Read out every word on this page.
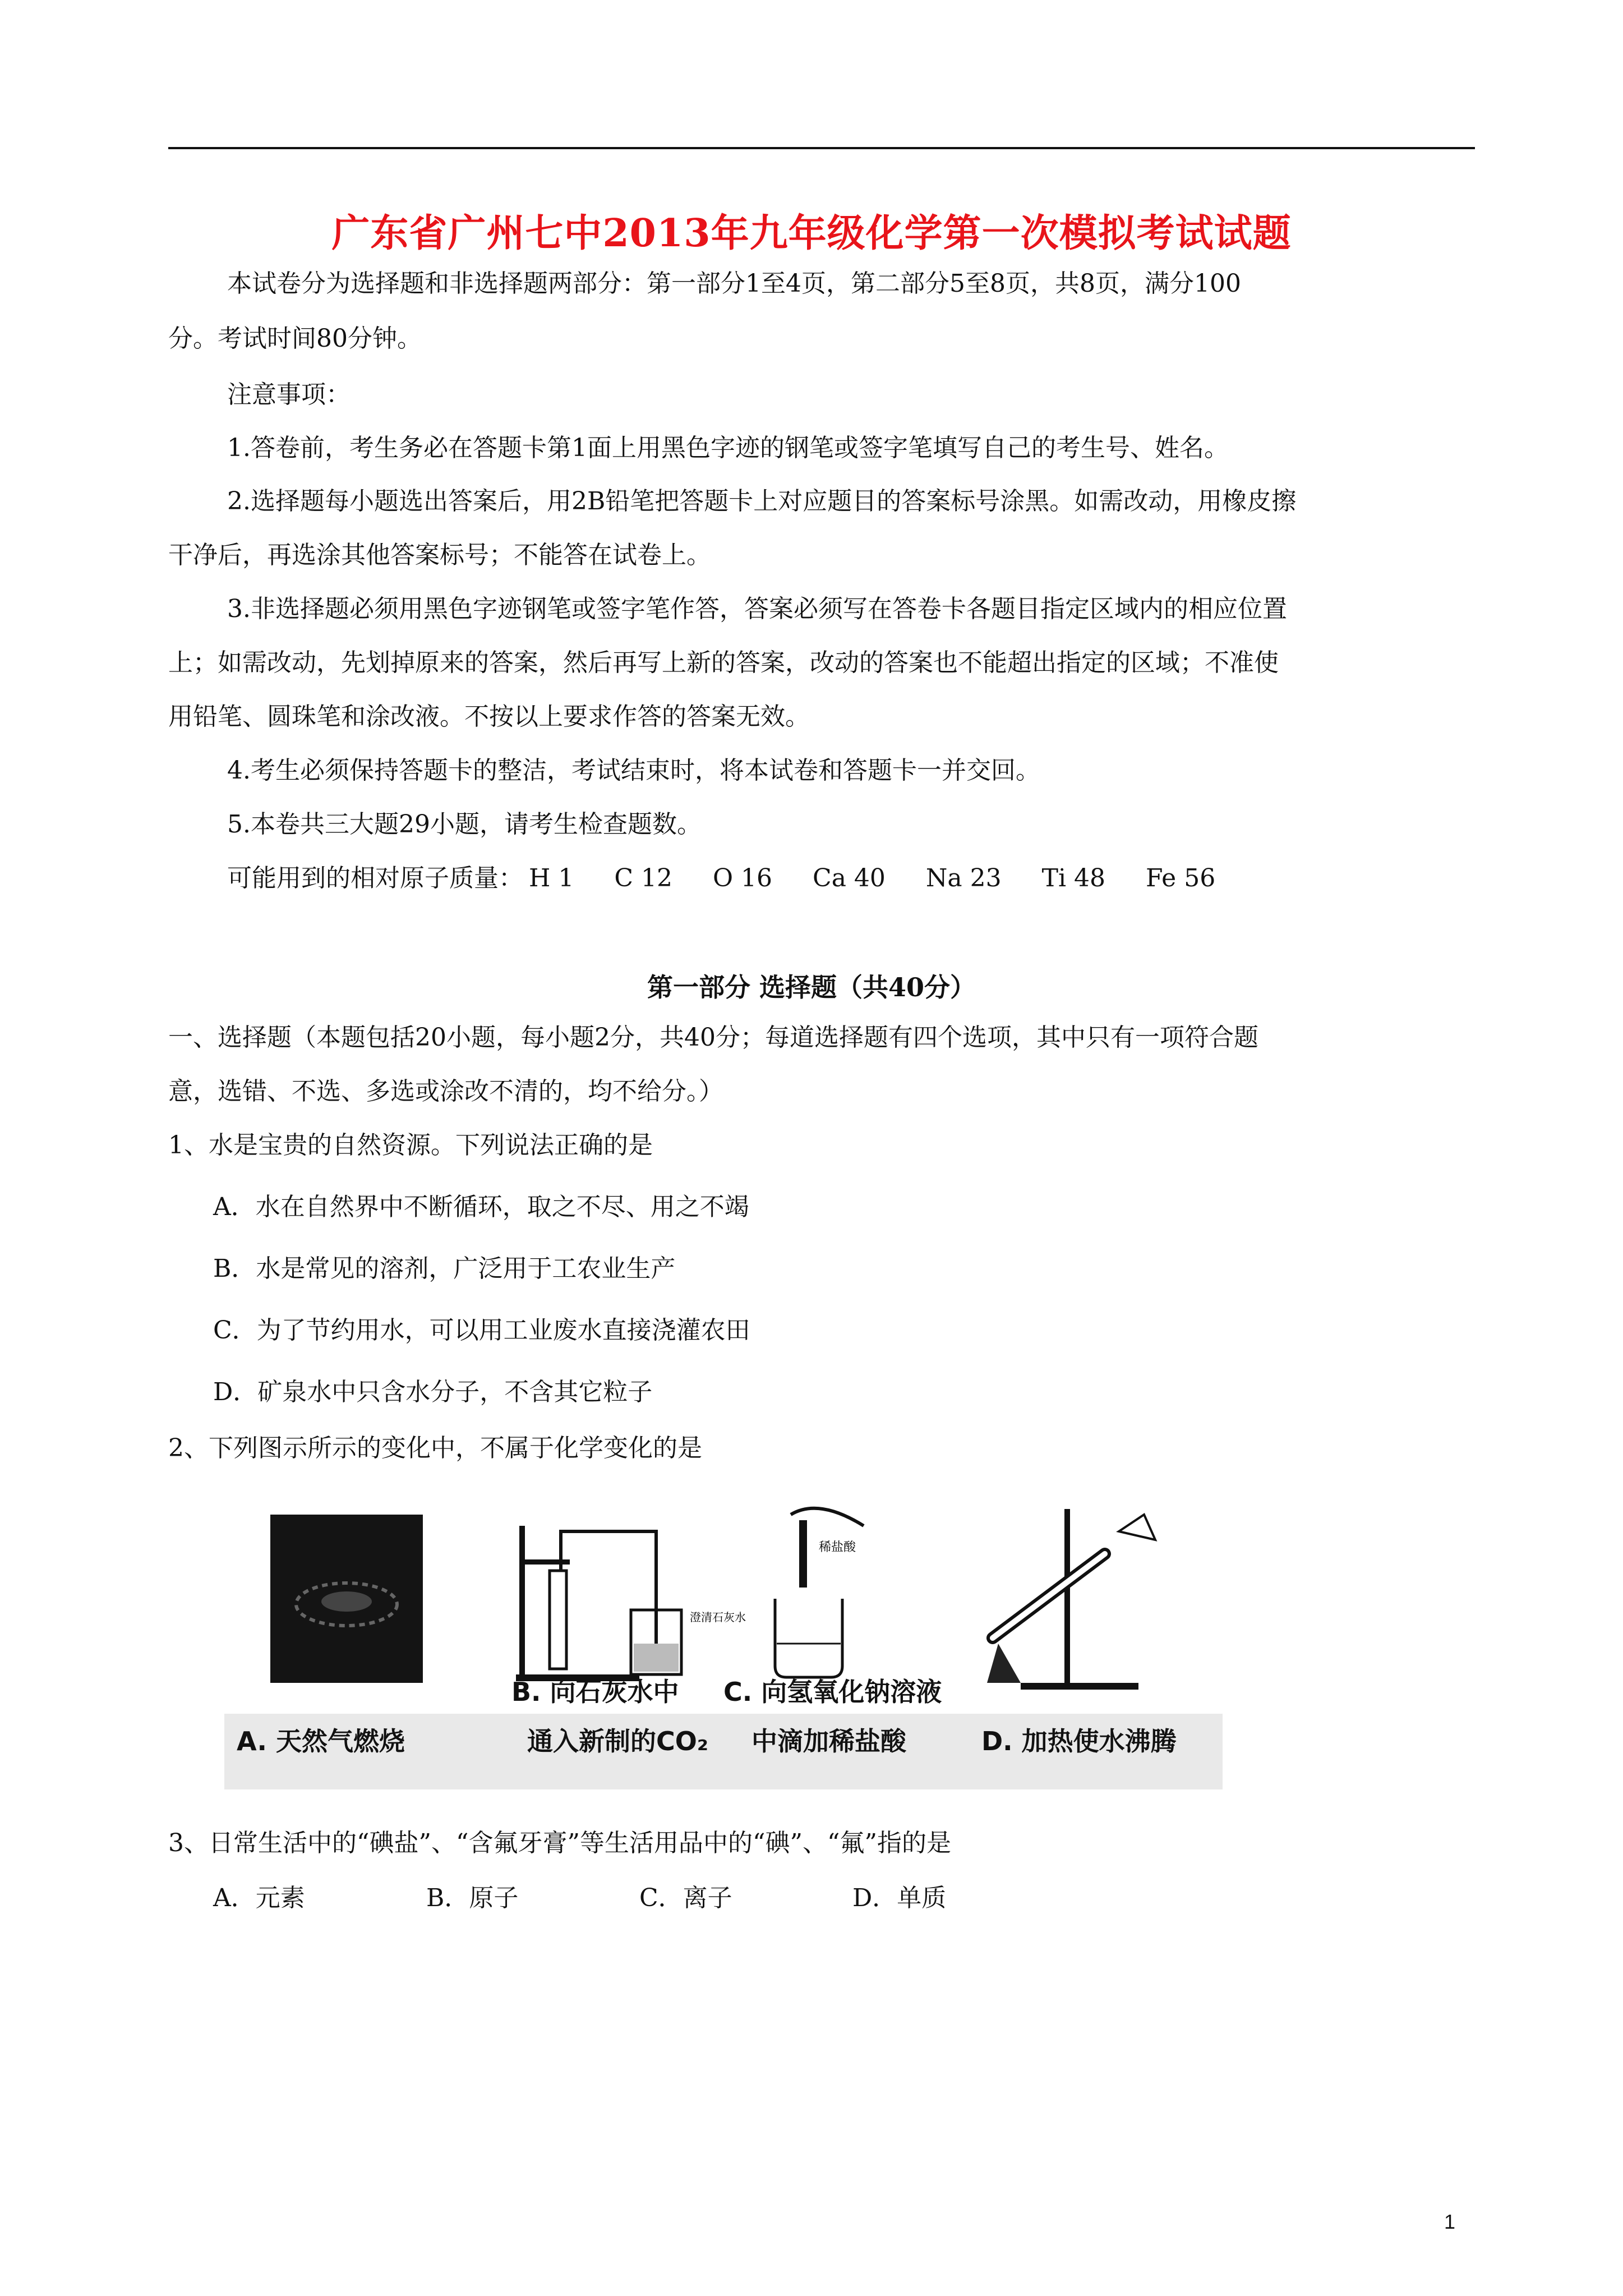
广东省广州七中2013年九年级化学第一次模拟考试试题
本试卷分为选择题和非选择题两部分：第一部分1至4页，第二部分5至8页，共8页，满分100
分。考试时间80分钟。
注意事项：
1.答卷前，考生务必在答题卡第1面上用黑色字迹的钢笔或签字笔填写自己的考生号、姓名。
2.选择题每小题选出答案后，用2B铅笔把答题卡上对应题目的答案标号涂黑。如需改动，用橡皮擦
干净后，再选涂其他答案标号；不能答在试卷上。
3.非选择题必须用黑色字迹钢笔或签字笔作答，答案必须写在答卷卡各题目指定区域内的相应位置
上；如需改动，先划掉原来的答案，然后再写上新的答案，改动的答案也不能超出指定的区域；不准使
用铅笔、圆珠笔和涂改液。不按以上要求作答的答案无效。
4.考生必须保持答题卡的整洁，考试结束时，将本试卷和答题卡一并交回。
5.本卷共三大题29小题，请考生检查题数。
可能用到的相对原子质量： H 1 C 12 O 16 Ca 40 Na 23 Ti 48 Fe 56
第一部分 选择题（共40分）
一、选择题（本题包括20小题，每小题2分，共40分；每道选择题有四个选项，其中只有一项符合题
意，选错、不选、多选或涂改不清的，均不给分。）
1、水是宝贵的自然资源。下列说法正确的是
A．水在自然界中不断循环，取之不尽、用之不竭
B．水是常见的溶剂，广泛用于工农业生产
C．为了节约用水，可以用工业废水直接浇灌农田
D．矿泉水中只含水分子，不含其它粒子
2、下列图示所示的变化中，不属于化学变化的是
澄清石灰水
稀盐酸
B. 向石灰水中 C. 向氢氧化钠溶液
A. 天然气燃烧	通入新制的CO₂ 中滴加稀盐酸	D. 加热使水沸腾
3、日常生活中的“碘盐”、“含氟牙膏”等生活用品中的“碘”、“氟”指的是
A．元素	B．原子	C．离子	D．单质
1
